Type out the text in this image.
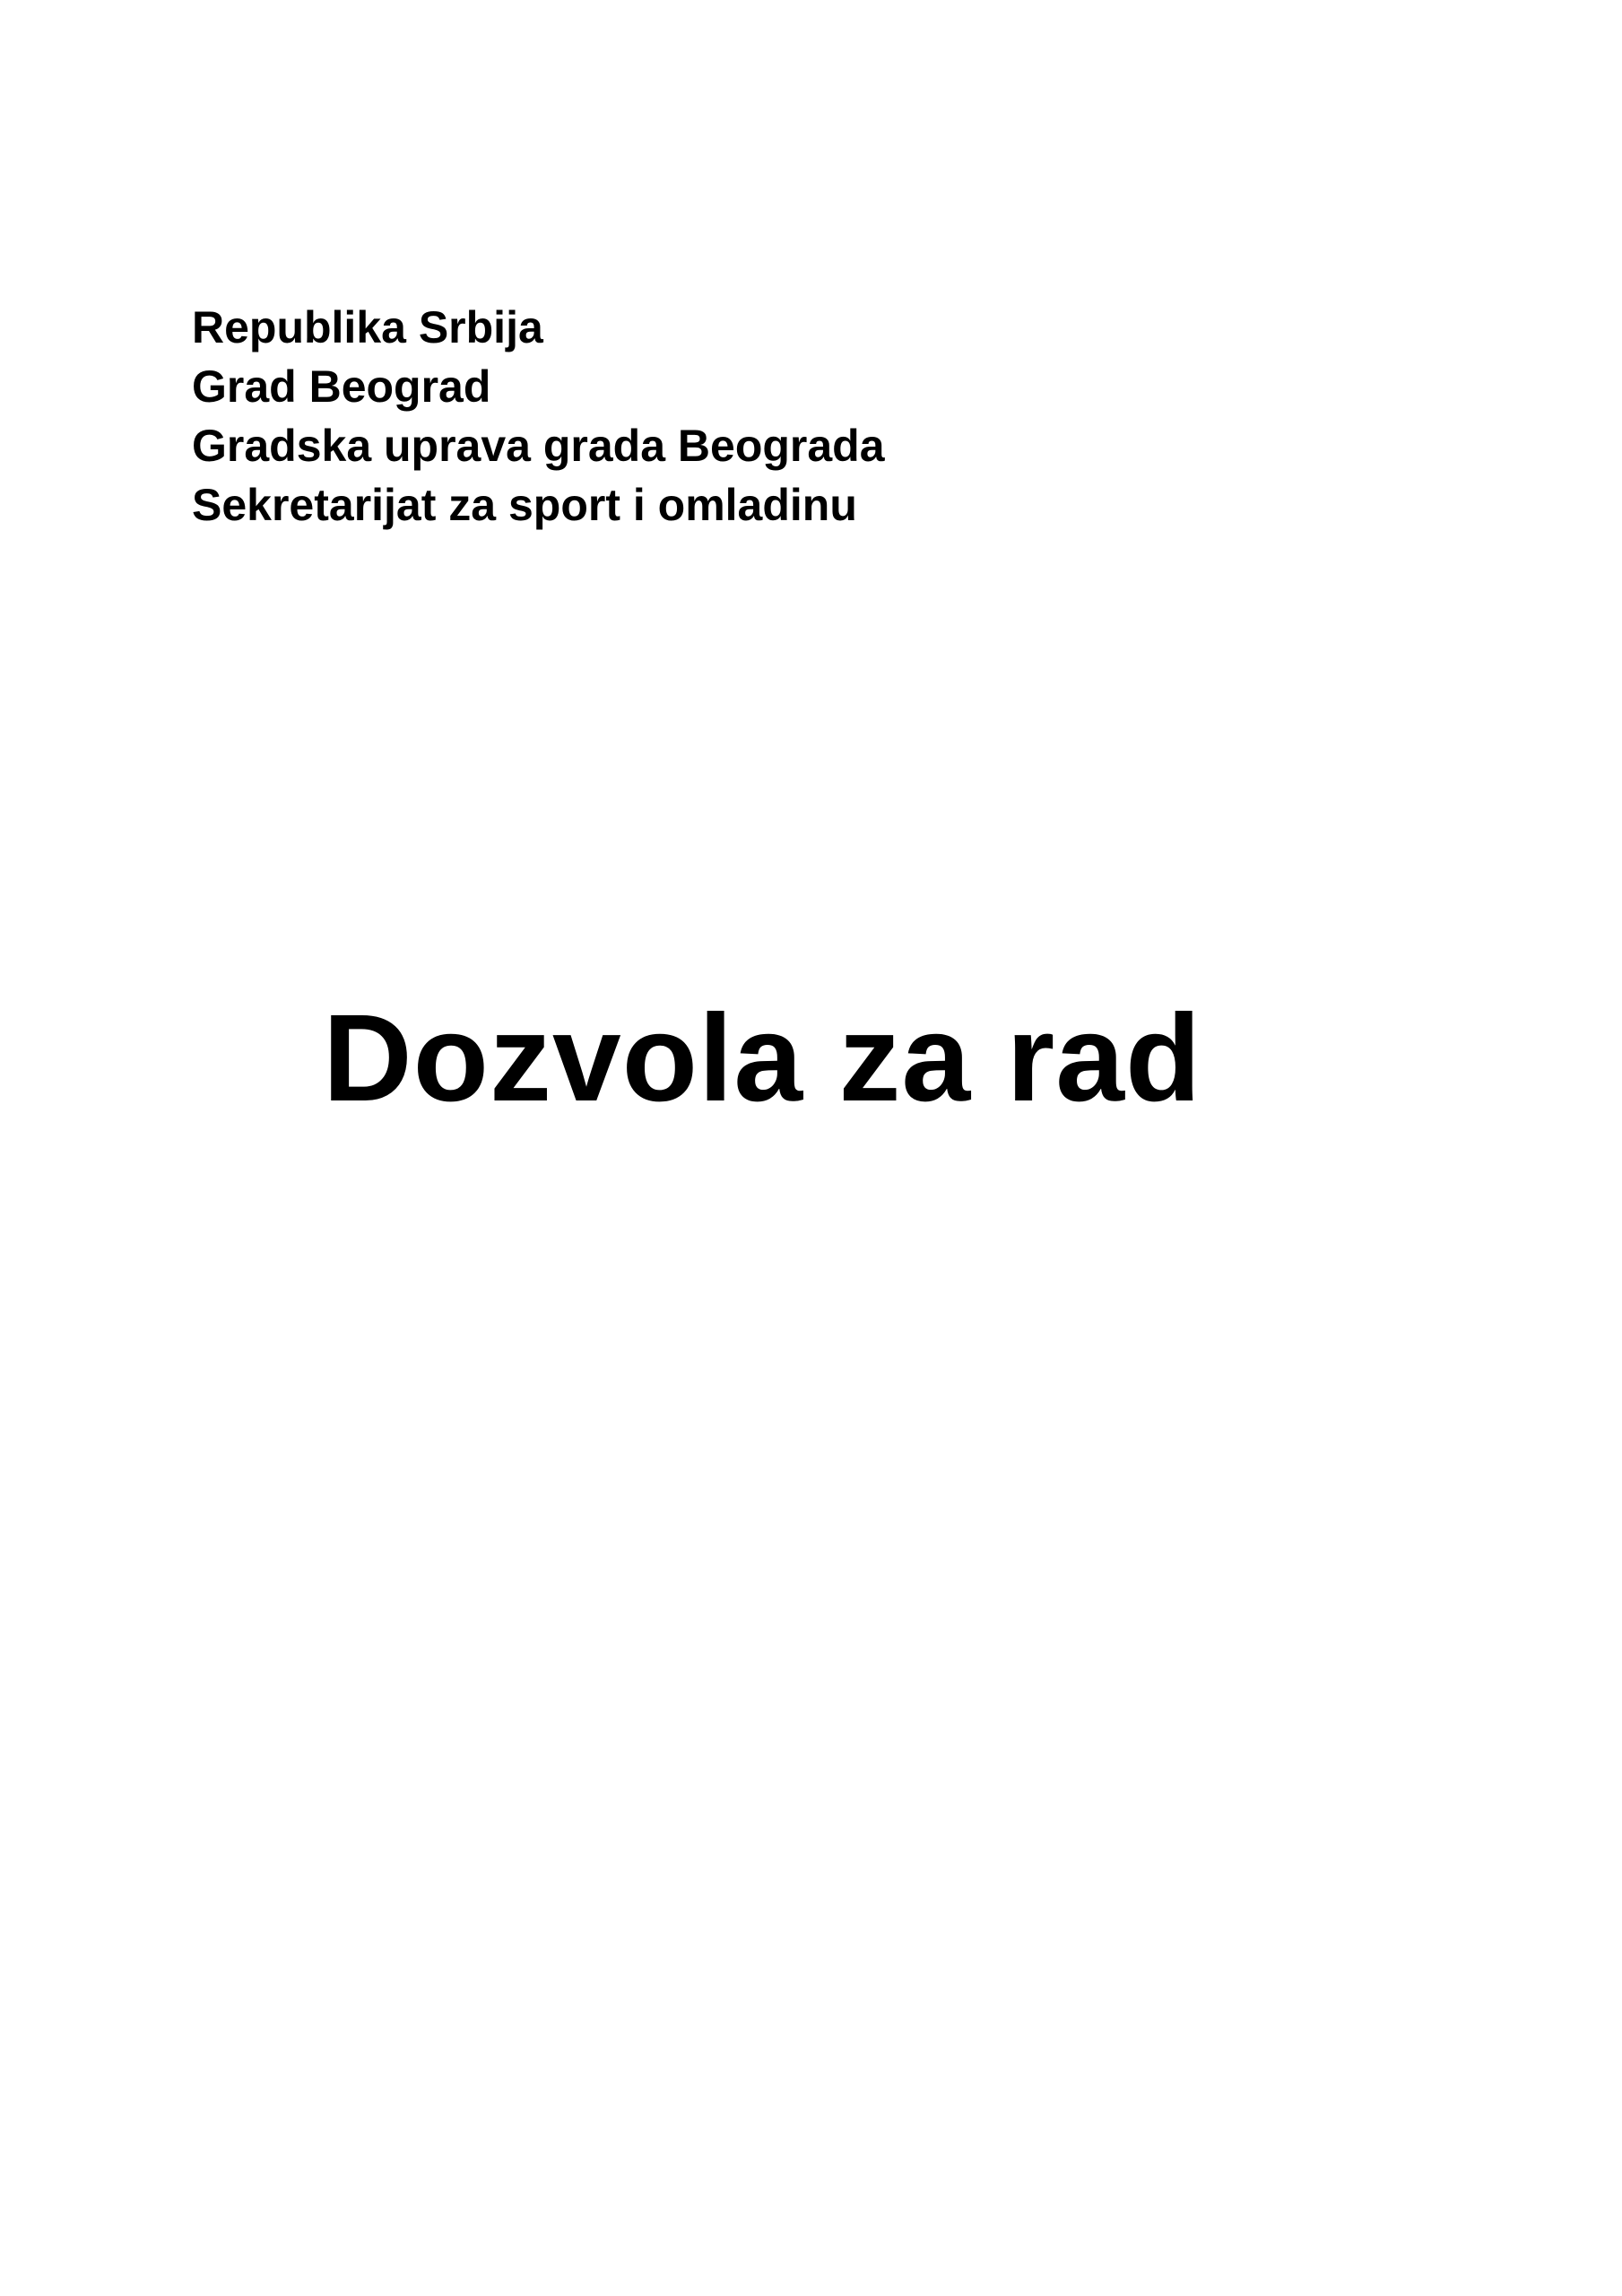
Republika Srbija
Grad Beograd
Gradska uprava grada Beograda
Sekretarijat za sport i omladinu
Dozvola za rad
